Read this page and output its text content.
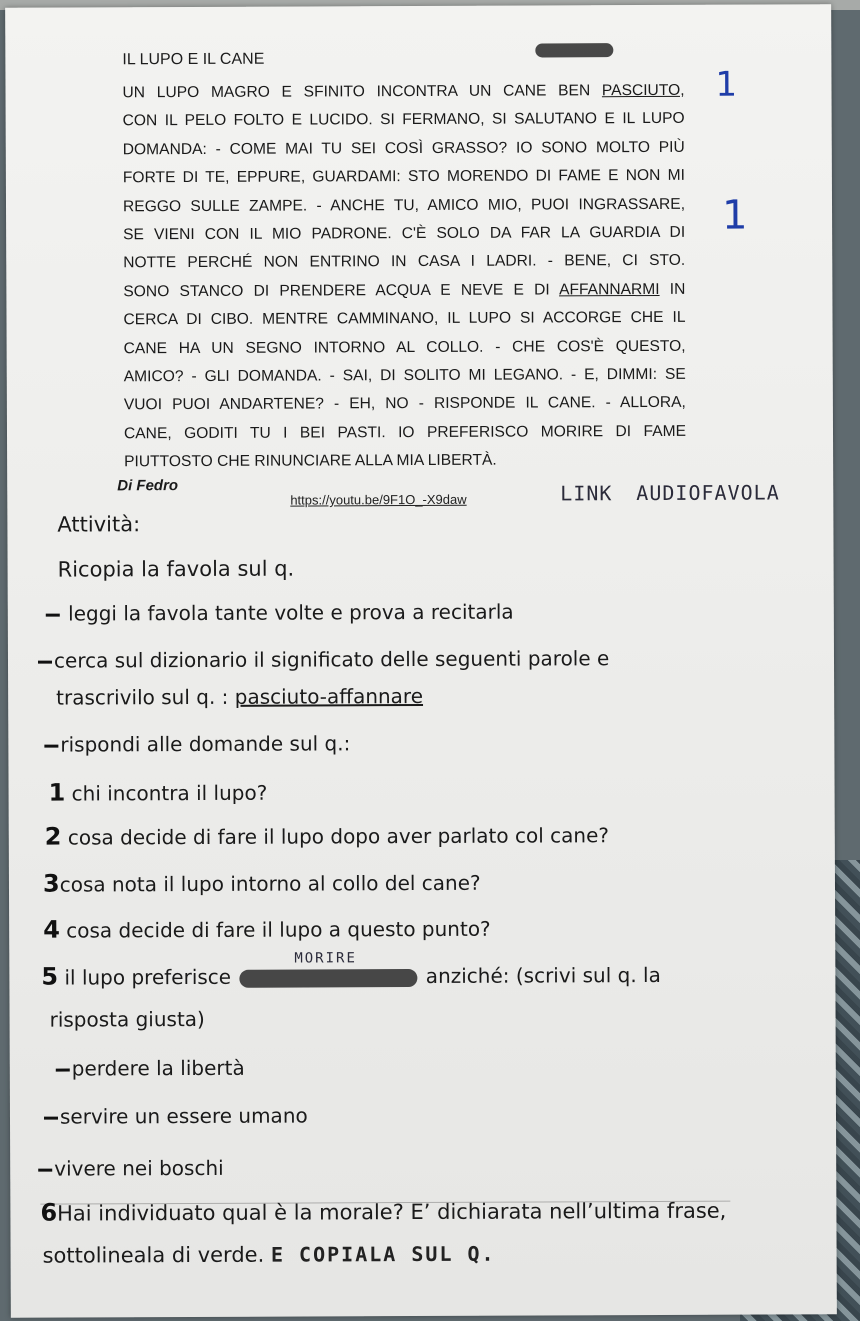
IL LUPO E IL CANE
UN LUPO MAGRO E SFINITO INCONTRA UN CANE BEN PASCIUTO,
CON IL PELO FOLTO E LUCIDO. SI FERMANO, SI SALUTANO E IL LUPO
DOMANDA: - COME MAI TU SEI COSÌ GRASSO? IO SONO MOLTO PIÙ
FORTE DI TE, EPPURE, GUARDAMI: STO MORENDO DI FAME E NON MI
REGGO SULLE ZAMPE. - ANCHE TU, AMICO MIO, PUOI INGRASSARE,
SE VIENI CON IL MIO PADRONE. C'È SOLO DA FAR LA GUARDIA DI
NOTTE PERCHÉ NON ENTRINO IN CASA I LADRI. - BENE, CI STO.
SONO STANCO DI PRENDERE ACQUA E NEVE E DI AFFANNARMI IN
CERCA DI CIBO. MENTRE CAMMINANO, IL LUPO SI ACCORGE CHE IL
CANE HA UN SEGNO INTORNO AL COLLO. - CHE COS'È QUESTO,
AMICO? - GLI DOMANDA. - SAI, DI SOLITO MI LEGANO. - E, DIMMI: SE
VUOI PUOI ANDARTENE? - EH, NO - RISPONDE IL CANE. - ALLORA,
CANE, GODITI TU I BEI PASTI. IO PREFERISCO MORIRE DI FAME
PIUTTOSTO CHE RINUNCIARE ALLA MIA LIBERTÀ.
1
1
Di Fedro
https://youtu.be/9F1O_-X9daw	LINK AUDIOFAVOLA
Attività:
Ricopia la favola sul q.
leggi la favola tante volte e prova a recitarla
cerca sul dizionario il significato delle seguenti parole e
trascrivilo sul q. : pasciuto-affannare
rispondi alle domande sul q.:
1 chi incontra il lupo?
2 cosa decide di fare il lupo dopo aver parlato col cane?
3cosa nota il lupo intorno al collo del cane?
4 cosa decide di fare il lupo a questo punto?
MORIRE
5 il lupo preferisce	anziché: (scrivi sul q. la
risposta giusta)
perdere la libertà
servire un essere umano
vivere nei boschi
6Hai individuato qual è la morale? E’ dichiarata nell’ultima frase,
sottolineala di verde. E COPIALA SUL Q.
